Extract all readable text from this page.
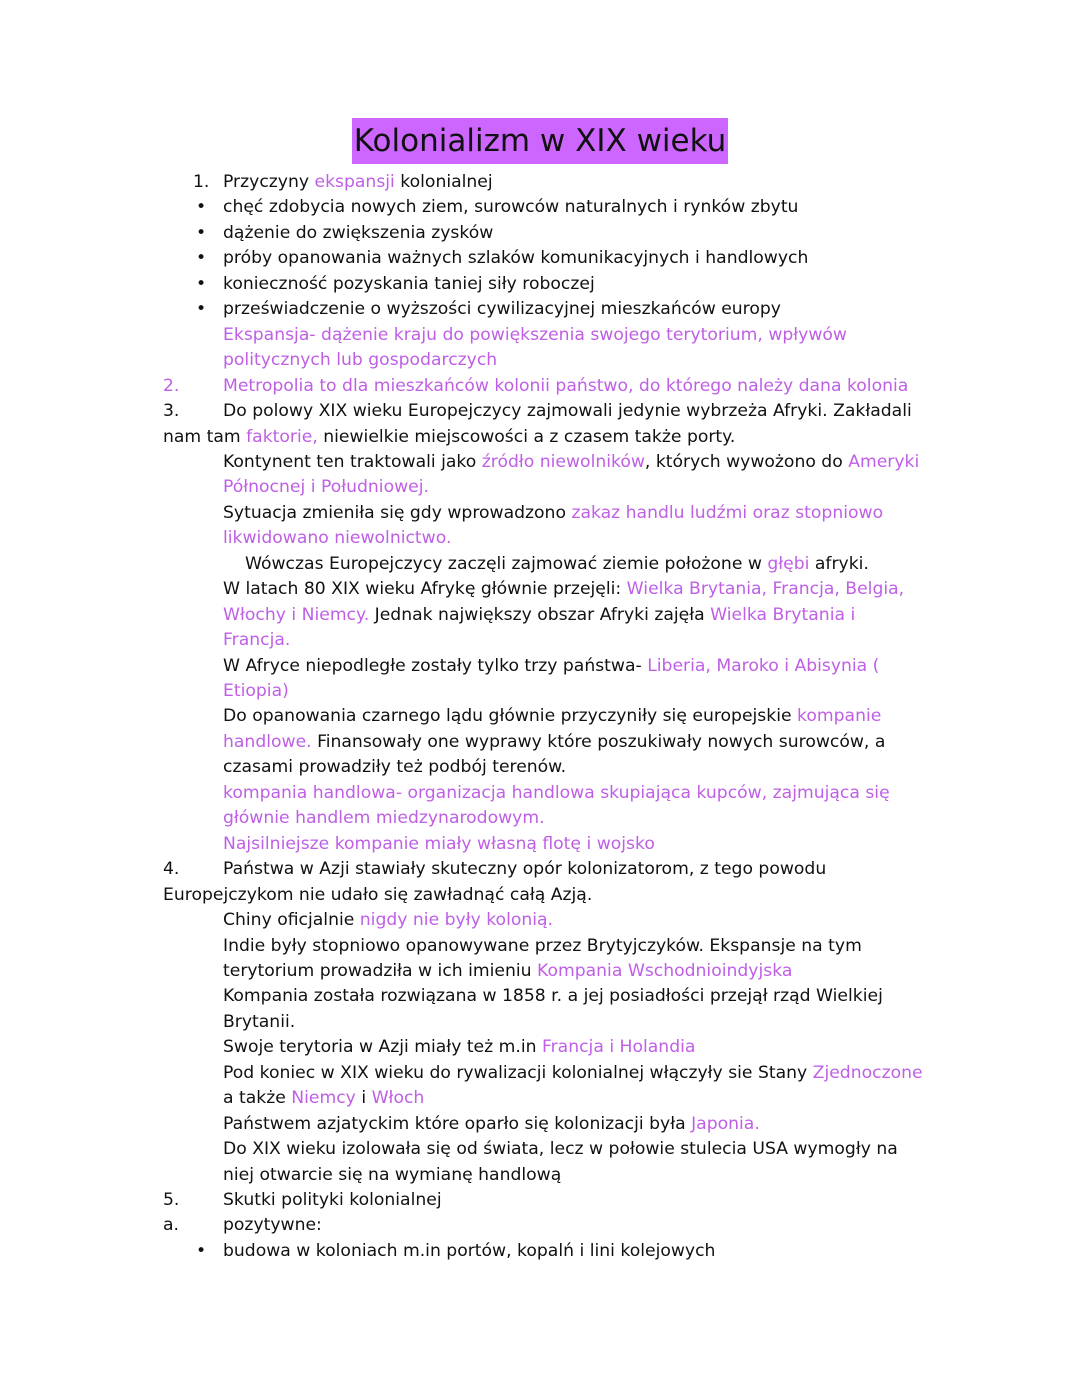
Kolonializm w XIX wieku
1. Przyczyny ekspansji kolonialnej
• chęć zdobycia nowych ziem, surowców naturalnych i rynków zbytu
• dążenie do zwiększenia zysków
• próby opanowania ważnych szlaków komunikacyjnych i handlowych
• konieczność pozyskania taniej siły roboczej
• przeświadczenie o wyższości cywilizacyjnej mieszkańców europy
Ekspansja- dążenie kraju do powiększenia swojego terytorium, wpływów
politycznych lub gospodarczych
2.	Metropolia to dla mieszkańców kolonii państwo, do którego należy dana kolonia
3.	Do polowy XIX wieku Europejczycy zajmowali jedynie wybrzeża Afryki. Zakładali
nam tam faktorie, niewielkie miejscowości a z czasem także porty.
Kontynent ten traktowali jako źródło niewolników, których wywożono do Ameryki
Północnej i Południowej.
Sytuacja zmieniła się gdy wprowadzono zakaz handlu ludźmi oraz stopniowo
likwidowano niewolnictwo.
Wówczas Europejczycy zaczęli zajmować ziemie położone w głębi afryki.
W latach 80 XIX wieku Afrykę głównie przejęli: Wielka Brytania, Francja, Belgia,
Włochy i Niemcy. Jednak największy obszar Afryki zajęła Wielka Brytania i
Francja.
W Afryce niepodległe zostały tylko trzy państwa- Liberia, Maroko i Abisynia (
Etiopia)
Do opanowania czarnego lądu głównie przyczyniły się europejskie kompanie
handlowe. Finansowały one wyprawy które poszukiwały nowych surowców, a
czasami prowadziły też podbój terenów.
kompania handlowa- organizacja handlowa skupiająca kupców, zajmująca się
głównie handlem miedzynarodowym.
Najsilniejsze kompanie miały własną flotę i wojsko
4.	Państwa w Azji stawiały skuteczny opór kolonizatorom, z tego powodu
Europejczykom nie udało się zawładnąć całą Azją.
Chiny oficjalnie nigdy nie były kolonią.
Indie były stopniowo opanowywane przez Brytyjczyków. Ekspansje na tym
terytorium prowadziła w ich imieniu Kompania Wschodnioindyjska
Kompania została rozwiązana w 1858 r. a jej posiadłości przejął rząd Wielkiej
Brytanii.
Swoje terytoria w Azji miały też m.in Francja i Holandia
Pod koniec w XIX wieku do rywalizacji kolonialnej włączyły sie Stany Zjednoczone
a także Niemcy i Włoch
Państwem azjatyckim które oparło się kolonizacji była Japonia.
Do XIX wieku izolowała się od świata, lecz w połowie stulecia USA wymogły na
niej otwarcie się na wymianę handlową
5.	Skutki polityki kolonialnej
a.	pozytywne:
• budowa w koloniach m.in portów, kopalń i lini kolejowych
